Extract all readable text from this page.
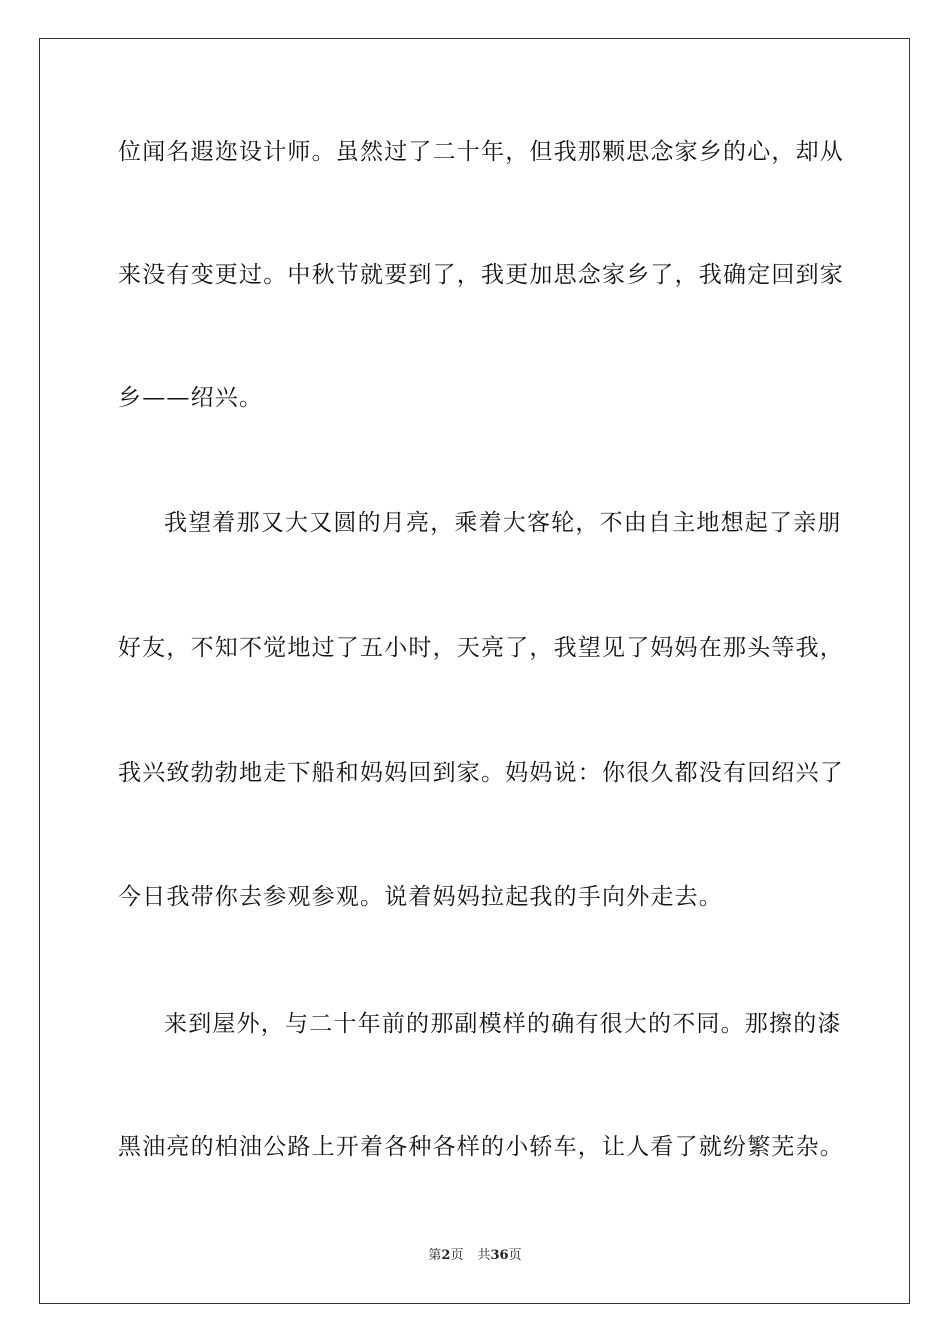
位闻名遐迩设计师。虽然过了二十年，但我那颗思念家乡的心，却从
来没有变更过。中秋节就要到了，我更加思念家乡了，我确定回到家
乡——绍兴。
我望着那又大又圆的月亮，乘着大客轮，不由自主地想起了亲朋
好友，不知不觉地过了五小时，天亮了，我望见了妈妈在那头等我，
我兴致勃勃地走下船和妈妈回到家。妈妈说：你很久都没有回绍兴了
今日我带你去参观参观。说着妈妈拉起我的手向外走去。
来到屋外，与二十年前的那副模样的确有很大的不同。那擦的漆
黑油亮的柏油公路上开着各种各样的小轿车，让人看了就纷繁芜杂。
第2页 共36页
